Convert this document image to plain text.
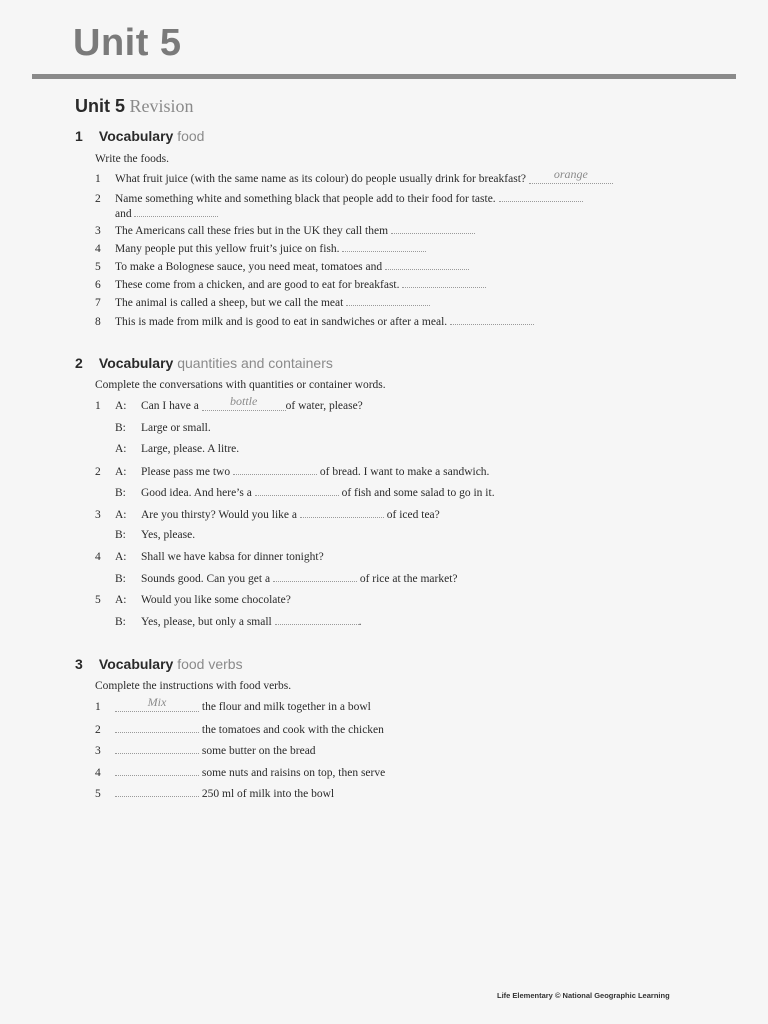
Unit 5
Unit 5 Revision
1 Vocabulary food
Write the foods.
1 What fruit juice (with the same name as its colour) do people usually drink for breakfast? orange
2 Name something white and something black that people add to their food for taste.
and
3 The Americans call these fries but in the UK they call them
4 Many people put this yellow fruit’s juice on fish.
5 To make a Bolognese sauce, you need meat, tomatoes and
6 These come from a chicken, and are good to eat for breakfast.
7 The animal is called a sheep, but we call the meat
8 This is made from milk and is good to eat in sandwiches or after a meal.
2 Vocabulary quantities and containers
Complete the conversations with quantities or container words.
1 A: Can I have a	bottle of water, please?
B: Large or small.
A: Large, please. A litre.
2 A: Please pass me two	of bread. I want to make a sandwich.
B: Good idea. And here’s a	of fish and some salad to go in it.
3 A: Are you thirsty? Would you like a	of iced tea?
B: Yes, please.
4 A: Shall we have kabsa for dinner tonight?
B: Sounds good. Can you get a	of rice at the market?
5 A: Would you like some chocolate?
B: Yes, please, but only a small	.
3 Vocabulary food verbs
Complete the instructions with food verbs.
1	Mix	the flour and milk together in a bowl
2	the tomatoes and cook with the chicken
3	some butter on the bread
4	some nuts and raisins on top, then serve
5	250 ml of milk into the bowl
Life Elementary © National Geographic Learning
